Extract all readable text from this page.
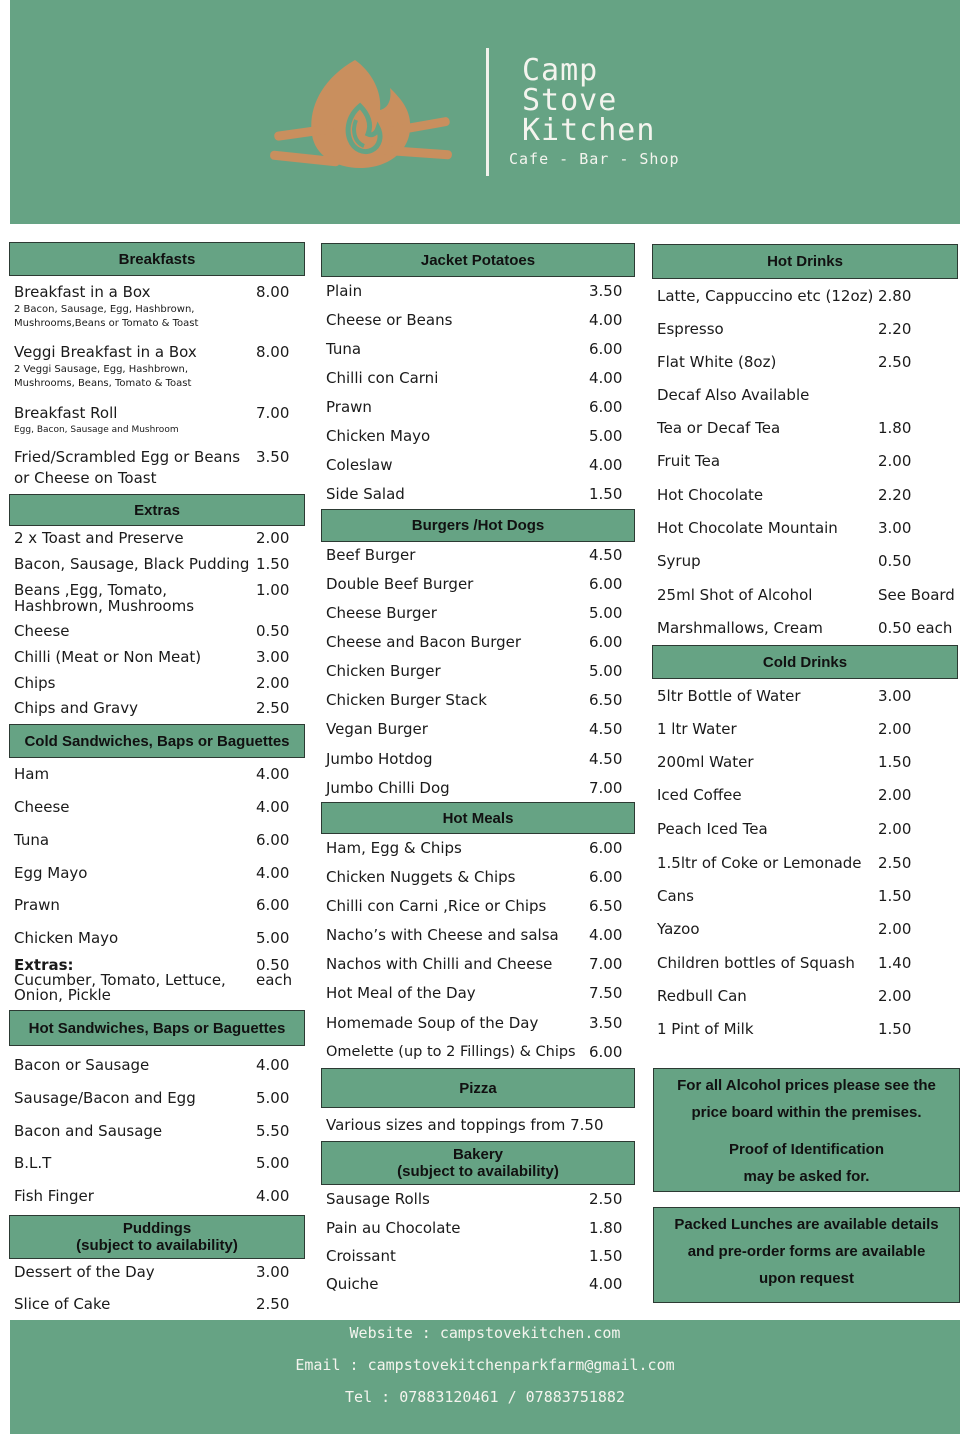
Camp
Stove
Kitchen
Cafe - Bar - Shop
Breakfasts
Breakfast in a Box	8.00
2 Bacon, Sausage, Egg, Hashbrown,
Mushrooms,Beans or Tomato & Toast
Veggi Breakfast in a Box	8.00
2 Veggi Sausage, Egg, Hashbrown,
Mushrooms, Beans, Tomato & Toast
Breakfast Roll	7.00
Egg, Bacon, Sausage and Mushroom
Fried/Scrambled Egg or Beans
or Cheese on Toast
3.50
Extras
2 x Toast and Preserve	2.00
Bacon, Sausage, Black Pudding 1.50
Beans ,Egg, Tomato,
Hashbrown, Mushrooms
1.00
Cheese	0.50
Chilli (Meat or Non Meat)	3.00
Chips	2.00
Chips and Gravy	2.50
Cold Sandwiches, Baps or Baguettes
Ham	4.00
Cheese	4.00
Tuna	6.00
Egg Mayo	4.00
Prawn	6.00
Chicken Mayo	5.00
Extras:
Cucumber, Tomato, Lettuce,
Onion, Pickle
0.50
each
Hot Sandwiches, Baps or Baguettes
Bacon or Sausage	4.00
Sausage/Bacon and Egg	5.00
Bacon and Sausage	5.50
B.L.T	5.00
Fish Finger	4.00
Puddings
(subject to availability)
Dessert of the Day	3.00
Slice of Cake	2.50
Jacket Potatoes
Plain	3.50
Cheese or Beans	4.00
Tuna	6.00
Chilli con Carni	4.00
Prawn	6.00
Chicken Mayo	5.00
Coleslaw	4.00
Side Salad	1.50
Burgers /Hot Dogs
Beef Burger	4.50
Double Beef Burger	6.00
Cheese Burger	5.00
Cheese and Bacon Burger	6.00
Chicken Burger	5.00
Chicken Burger Stack	6.50
Vegan Burger	4.50
Jumbo Hotdog	4.50
Jumbo Chilli Dog	7.00
Hot Meals
Ham, Egg & Chips	6.00
Chicken Nuggets & Chips	6.00
Chilli con Carni ,Rice or Chips	6.50
Nacho’s with Cheese and salsa 4.00
Nachos with Chilli and Cheese 7.00
Hot Meal of the Day	7.50
Homemade Soup of the Day	3.50
Omelette (up to 2 Fillings) & Chips 6.00
Pizza
Various sizes and toppings from 7.50
Bakery
(subject to availability)
Sausage Rolls	2.50
Pain au Chocolate	1.80
Croissant	1.50
Quiche	4.00
Hot Drinks
Latte, Cappuccino etc (12oz) 2.80
Espresso	2.20
Flat White (8oz)	2.50
Decaf Also Available
Tea or Decaf Tea	1.80
Fruit Tea	2.00
Hot Chocolate	2.20
Hot Chocolate Mountain	3.00
Syrup	0.50
25ml Shot of Alcohol	See Board
Marshmallows, Cream	0.50 each
Cold Drinks
5ltr Bottle of Water	3.00
1 ltr Water	2.00
200ml Water	1.50
Iced Coffee	2.00
Peach Iced Tea	2.00
1.5ltr of Coke or Lemonade 2.50
Cans	1.50
Yazoo	2.00
Children bottles of Squash 1.40
Redbull Can	2.00
1 Pint of Milk	1.50
For all Alcohol prices please see the
price board within the premises.
Proof of Identification
may be asked for.
Packed Lunches are available details
and pre-order forms are available
upon request
Website : campstovekitchen.com
Email : campstovekitchenparkfarm@gmail.com
Tel : 07883120461 / 07883751882
